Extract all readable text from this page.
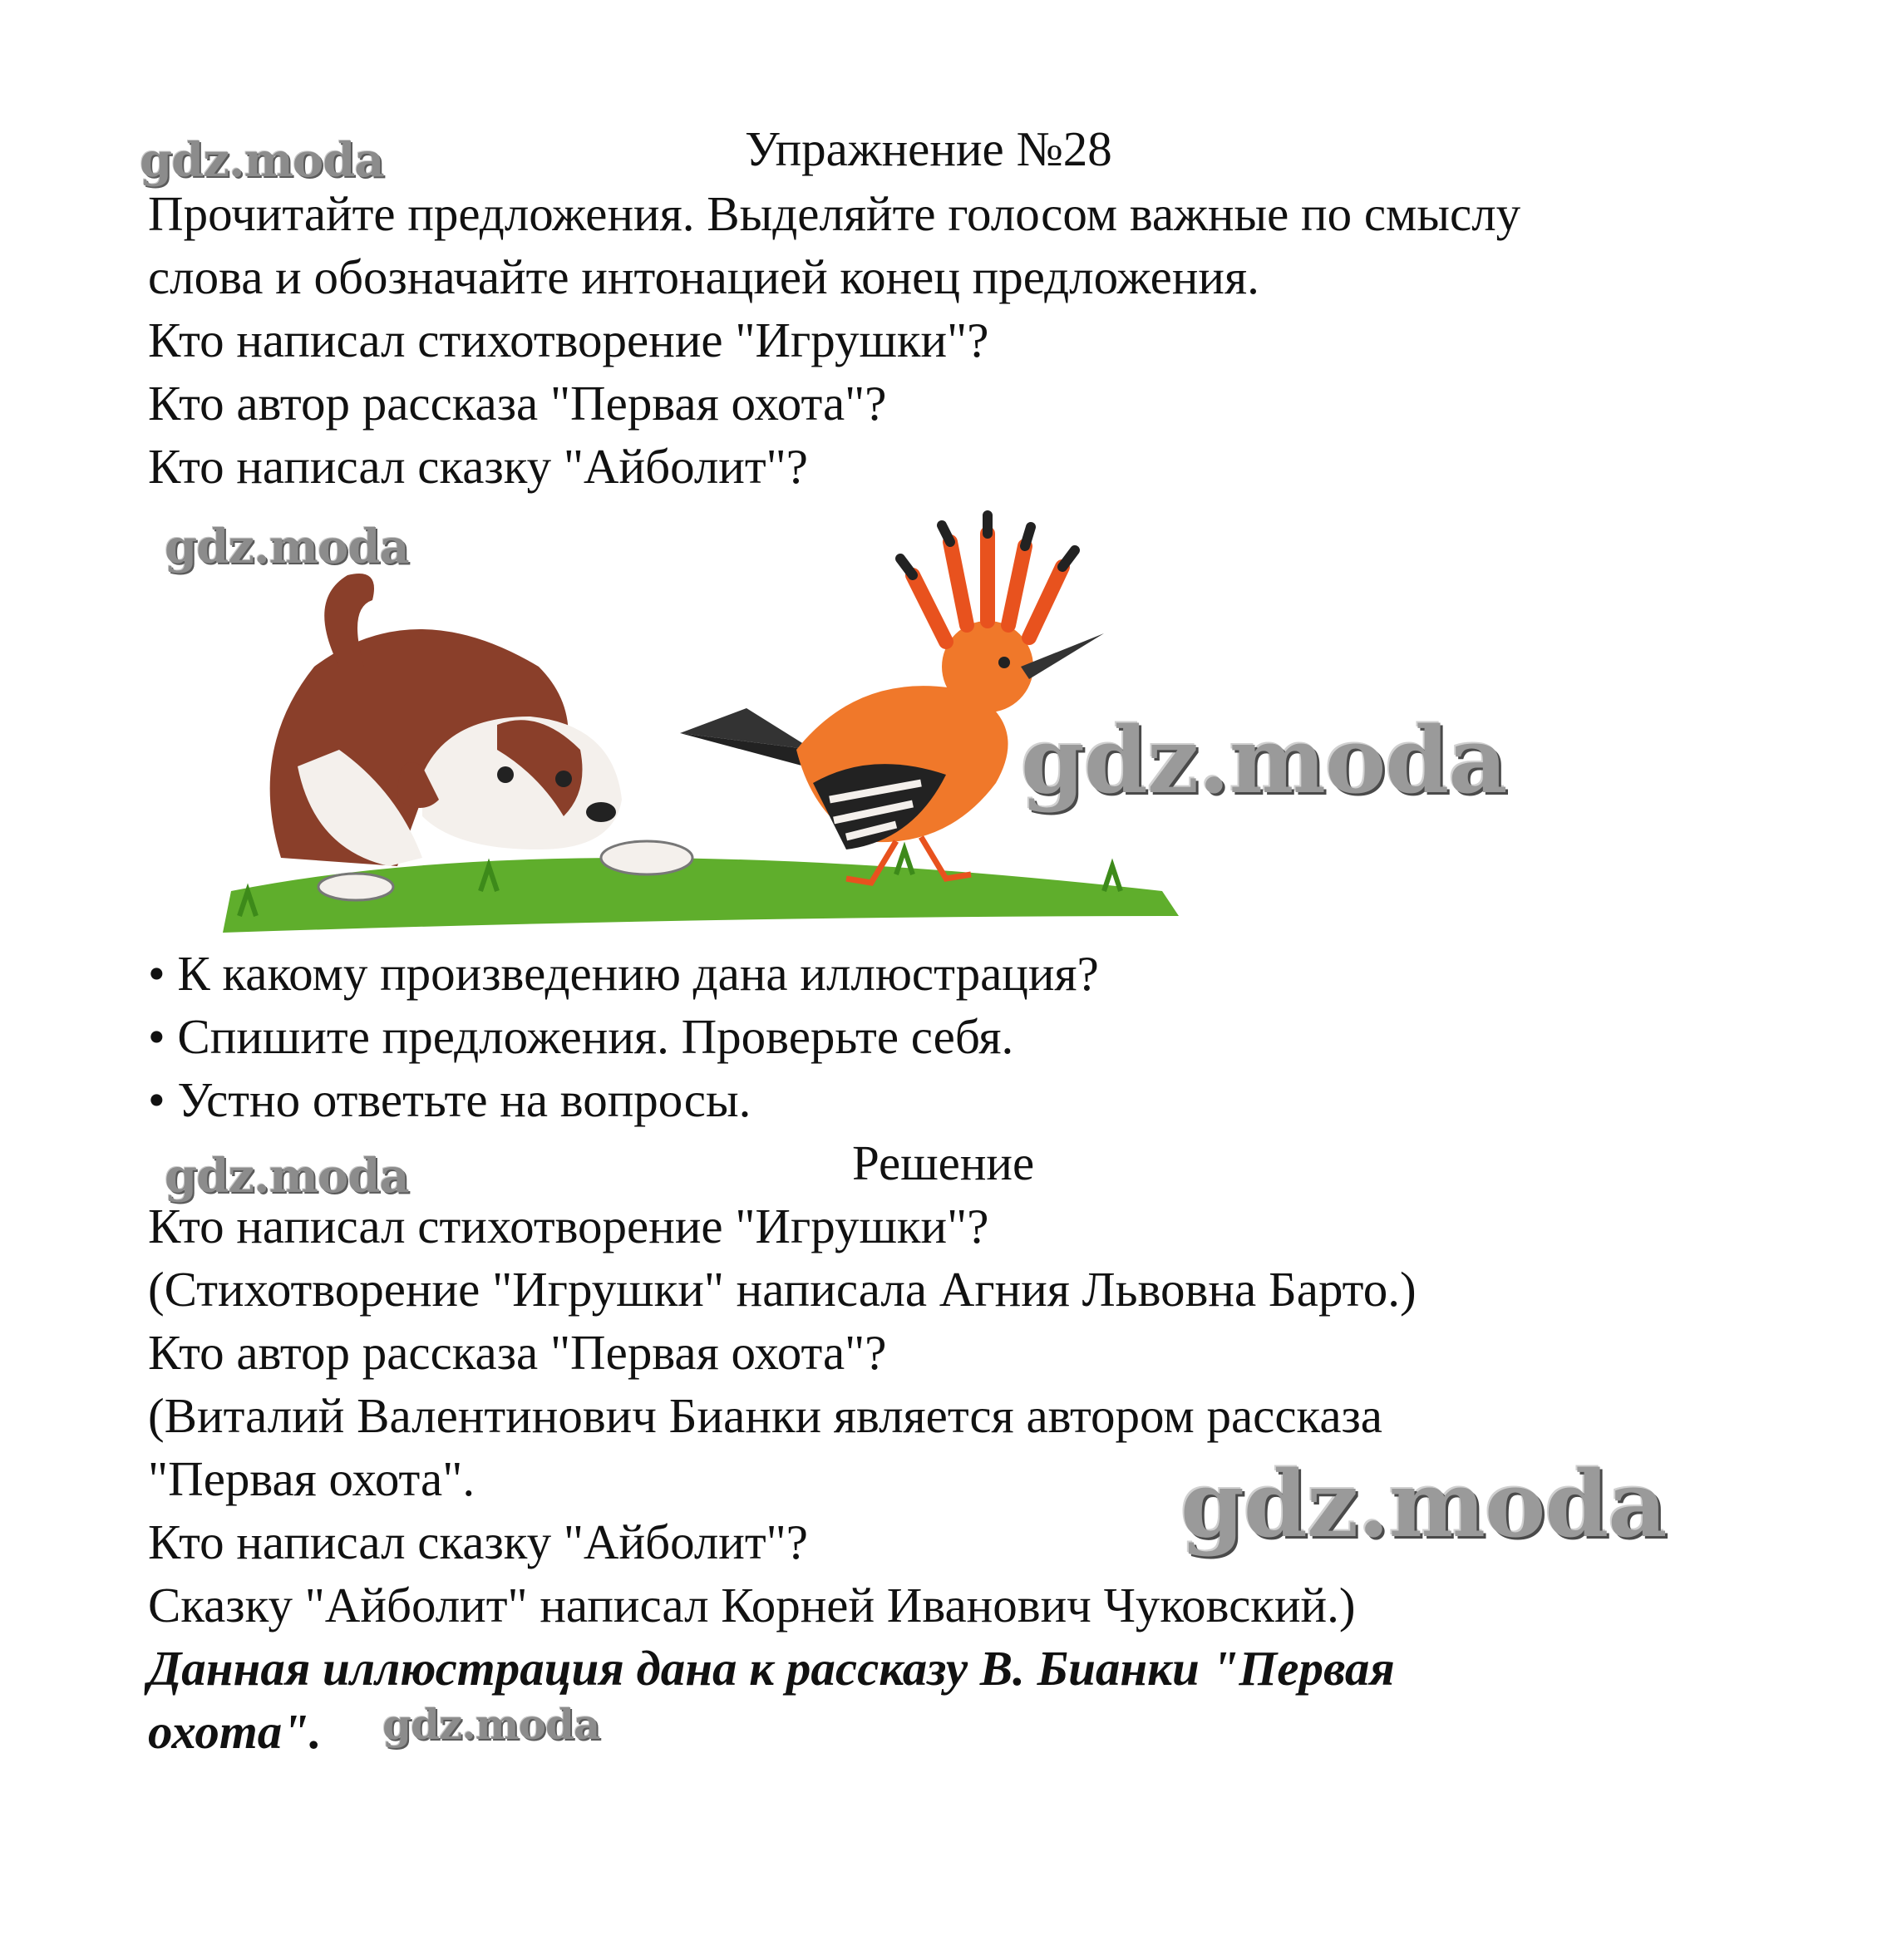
Упражнение №28
gdz.moda
Прочитайте предложения. Выделяйте голосом важные по смыслу
слова и обозначайте интонацией конец предложения.
Кто написал стихотворение "Игрушки"?
Кто автор рассказа "Первая охота"?
Кто написал сказку "Айболит"?
gdz.moda
gdz.moda
• К какому произведению дана иллюстрация?
• Спишите предложения. Проверьте себя.
• Устно ответьте на вопросы.
Решение
gdz.moda
Кто написал стихотворение "Игрушки"?
(Стихотворение "Игрушки" написала Агния Львовна Барто.)
Кто автор рассказа "Первая охота"?
(Виталий Валентинович Бианки является автором рассказа
"Первая охота".	gdz.moda
Кто написал сказку "Айболит"?
Сказку "Айболит" написал Корней Иванович Чуковский.)
Данная иллюстрация дана к рассказу В. Бианки "Первая
охота". gdz.moda
